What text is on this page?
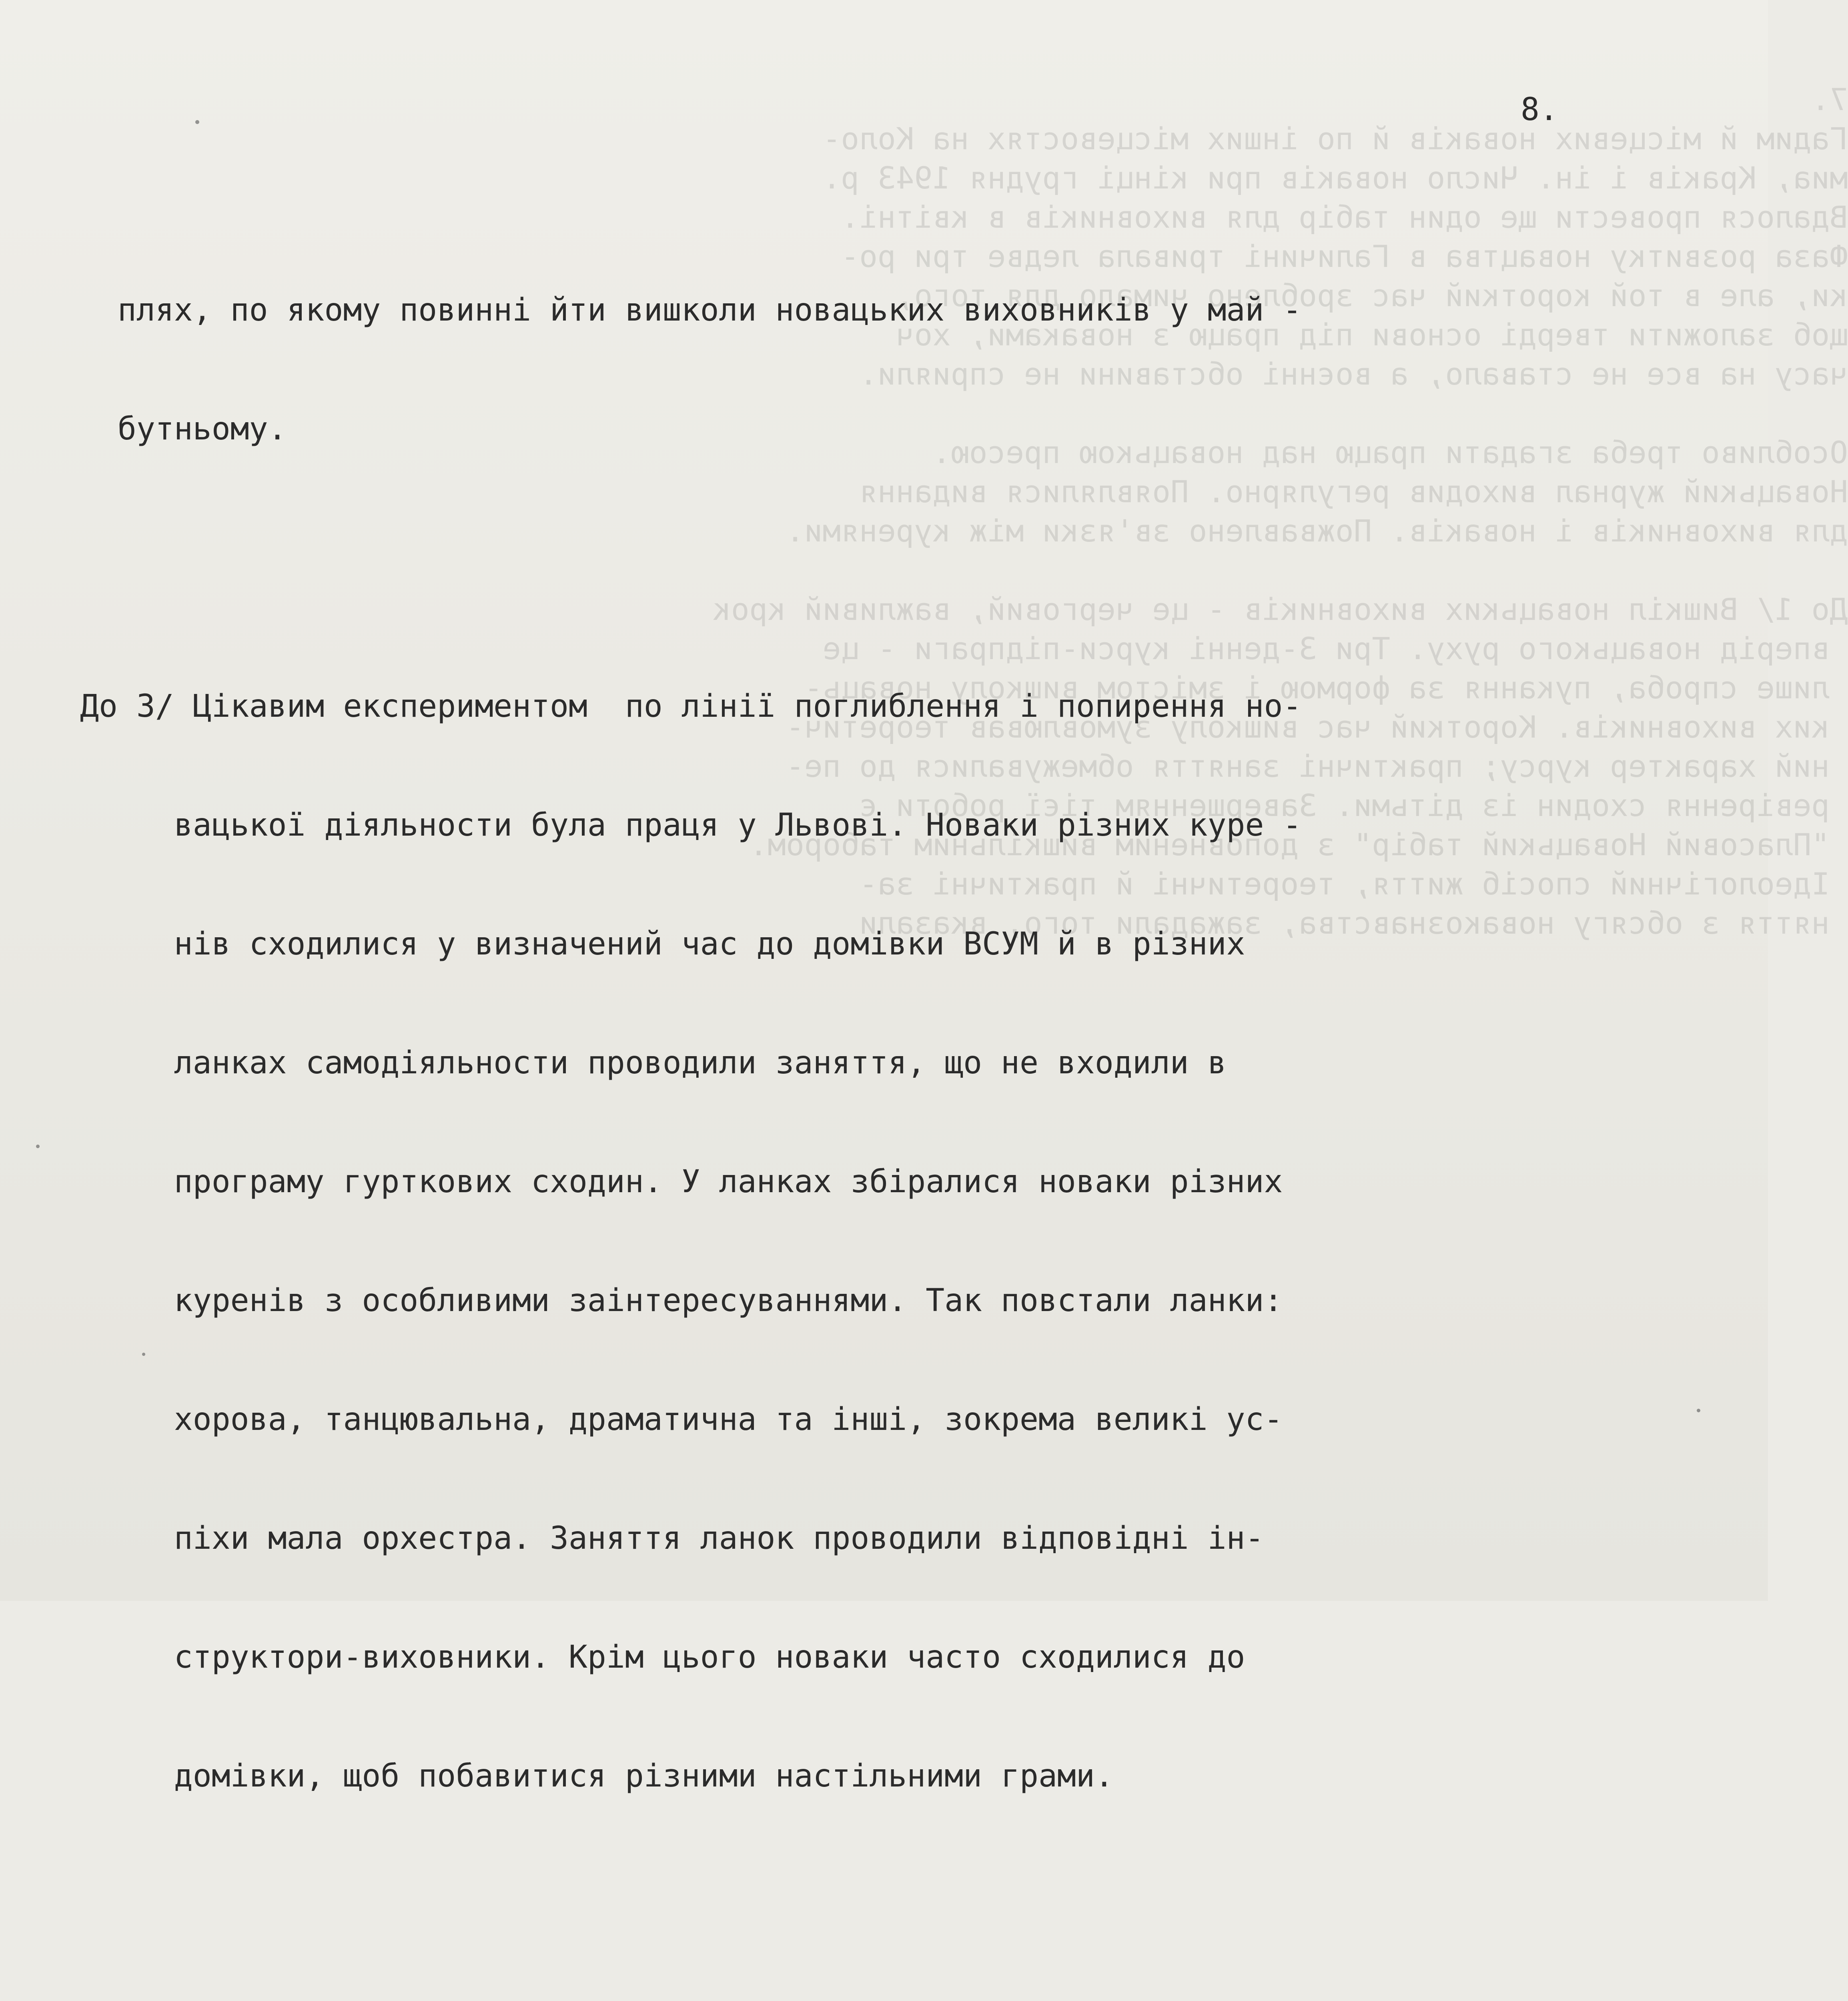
7.
Гадим й місцевих новаків й по інших місцевостях на Коло-
миа, Краків і ін. Число новаків при кінці грудня 1943 р.
Вдалося провести ще один табір для виховників в квітні.
Фаза розвитку новацтва в Галичині тривала ледве три ро-
ки, але в той короткий час зроблено чимало для того,
щоб заложити тверді основи під працю з новаками, хоч
часу на все не ставало, а воєнні обставини не сприяли.

Особливо треба згадати працю над новацькою пресою.
Новацький журнал виходив регулярно. Появлялися видання
для виховників і новаків. Пожвавлено зв'язки між куренями.

До 1/ Вишкіл новацьких виховників - це черговий, важливий крок
вперід новацького руху. Три 3-денні курси-підпраги - це
лише спроба, пукання за формою і змістом вишколу новаць-
ких виховників. Короткий час вишколу зумовлював теоретич-
ний характер курсу; практичні заняття обмежувалися до пе-
ревірення сходин із дітьми. Завершенням тієї роботи є
"Пласовий Новацький табір" з доповненим вишкільним табором.
Ідеологічний спосіб життя, теоретичні й практичні за-
няття з обсягу новакознавства, зажадали того, вказали
8.

плях, по якому повинні йти вишколи новацьких виховників у май -

бутньому.

До 3/ Цікавим експериментом  по лінії поглиблення і попирення но-

вацької діяльности була праця у Львові. Новаки різних куре -

нів сходилися у визначений час до домівки ВСУМ й в різних

ланках самодіяльности проводили заняття, що не входили в

програму гурткових сходин. У ланках збіралися новаки різних

куренів з особливими заінтересуваннями. Так повстали ланки:

хорова, танцювальна, драматична та інші, зокрема великі ус-

піхи мала орхестра. Заняття ланок проводили відповідні ін-

структори-виховники. Крім цього новаки часто сходилися до

домівки, щоб побавитися різними настільними грами.
